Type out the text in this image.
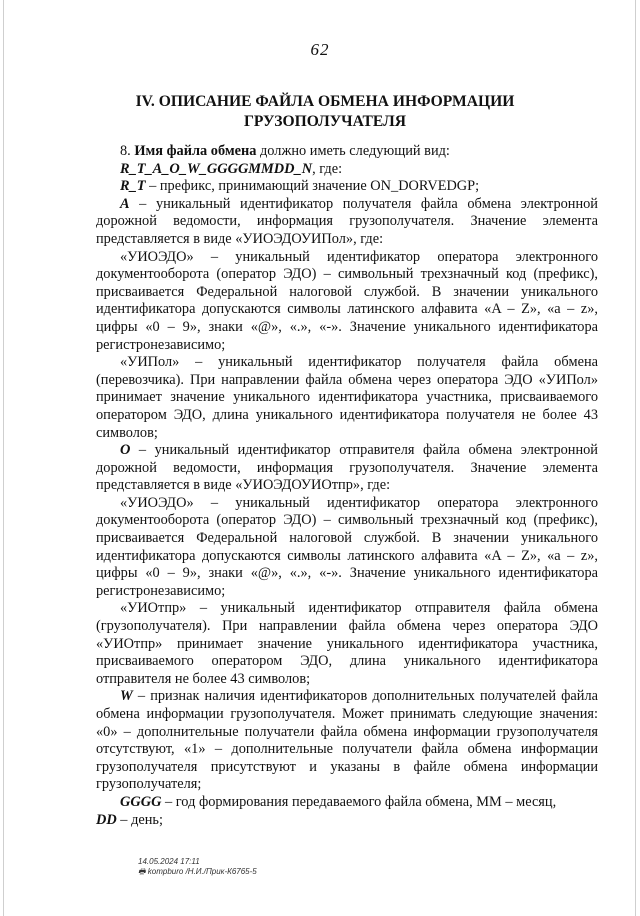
62
IV. ОПИСАНИЕ ФАЙЛА ОБМЕНА ИНФОРМАЦИИ
ГРУЗОПОЛУЧАТЕЛЯ

8. Имя файла обмена должно иметь следующий вид:

R_T_A_O_W_GGGGMMDD_N, где:

R_T – префикс, принимающий значение ON_DORVEDGP;

A – уникальный идентификатор получателя файла обмена электронной дорожной ведомости, информация грузополучателя. Значение элемента представляется в виде «УИОЭДОУИПол», где:

«УИОЭДО» – уникальный идентификатор оператора электронного документооборота (оператор ЭДО) – символьный трехзначный код (префикс), присваивается Федеральной налоговой службой. В значении уникального идентификатора допускаются символы латинского алфавита «A – Z», «a – z», цифры «0 – 9», знаки «@», «.», «-». Значение уникального идентификатора регистронезависимо;

«УИПол» – уникальный идентификатор получателя файла обмена (перевозчика). При направлении файла обмена через оператора ЭДО «УИПол» принимает значение уникального идентификатора участника, присваиваемого оператором ЭДО, длина уникального идентификатора получателя не более 43 символов;

O – уникальный идентификатор отправителя файла обмена электронной дорожной ведомости, информация грузополучателя. Значение элемента представляется в виде «УИОЭДОУИОтпр», где:

«УИОЭДО» – уникальный идентификатор оператора электронного документооборота (оператор ЭДО) – символьный трехзначный код (префикс), присваивается Федеральной налоговой службой. В значении уникального идентификатора допускаются символы латинского алфавита «A – Z», «a – z», цифры «0 – 9», знаки «@», «.», «-». Значение уникального идентификатора регистронезависимо;

«УИОтпр» – уникальный идентификатор отправителя файла обмена (грузополучателя). При направлении файла обмена через оператора ЭДО «УИОтпр» принимает значение уникального идентификатора участника, присваиваемого оператором ЭДО, длина уникального идентификатора отправителя не более 43 символов;

W – признак наличия идентификаторов дополнительных получателей файла обмена информации грузополучателя. Может принимать следующие значения: «0» – дополнительные получатели файла обмена информации грузополучателя отсутствуют, «1» – дополнительные получатели файла обмена информации грузополучателя присутствуют и указаны в файле обмена информации грузополучателя;

GGGG – год формирования передаваемого файла обмена, ММ – месяц,

DD – день;

14.05.2024 17:11
🖶 kompburo /Н.И./Прик-К6765-5
